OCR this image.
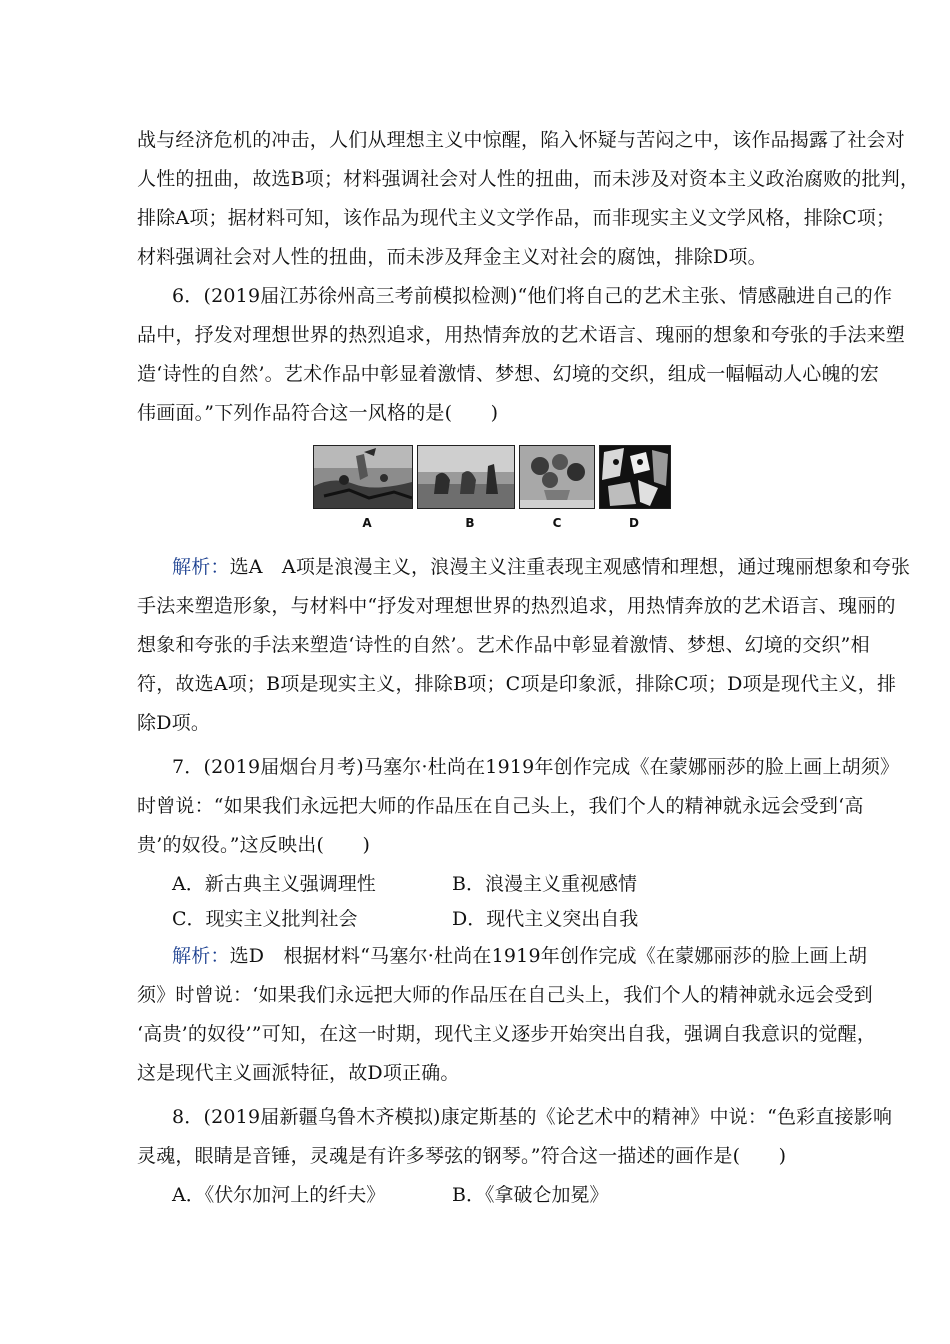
战与经济危机的冲击，人们从理想主义中惊醒，陷入怀疑与苦闷之中，该作品揭露了社会对
人性的扭曲，故选B项；材料强调社会对人性的扭曲，而未涉及对资本主义政治腐败的批判，
排除A项；据材料可知，该作品为现代主义文学作品，而非现实主义文学风格，排除C项；
材料强调社会对人性的扭曲，而未涉及拜金主义对社会的腐蚀，排除D项。
6．(2019届江苏徐州高三考前模拟检测)“他们将自己的艺术主张、情感融进自己的作
品中，抒发对理想世界的热烈追求，用热情奔放的艺术语言、瑰丽的想象和夸张的手法来塑
造‘诗性的自然’。艺术作品中彰显着激情、梦想、幻境的交织，组成一幅幅动人心魄的宏
伟画面。”下列作品符合这一风格的是(　　)
A	B	C	D
解析：选A　A项是浪漫主义，浪漫主义注重表现主观感情和理想，通过瑰丽想象和夸张
手法来塑造形象，与材料中“抒发对理想世界的热烈追求，用热情奔放的艺术语言、瑰丽的
想象和夸张的手法来塑造‘诗性的自然’。艺术作品中彰显着激情、梦想、幻境的交织”相
符，故选A项；B项是现实主义，排除B项；C项是印象派，排除C项；D项是现代主义，排
除D项。
7．(2019届烟台月考)马塞尔·杜尚在1919年创作完成《在蒙娜丽莎的脸上画上胡须》
时曾说：“如果我们永远把大师的作品压在自己头上，我们个人的精神就永远会受到‘高
贵’的奴役。”这反映出(　　)
A．新古典主义强调理性	B．浪漫主义重视感情
C．现实主义批判社会	D．现代主义突出自我
解析：选D　根据材料“马塞尔·杜尚在1919年创作完成《在蒙娜丽莎的脸上画上胡
须》时曾说：‘如果我们永远把大师的作品压在自己头上，我们个人的精神就永远会受到
‘高贵’的奴役’”可知，在这一时期，现代主义逐步开始突出自我，强调自我意识的觉醒，
这是现代主义画派特征，故D项正确。
8．(2019届新疆乌鲁木齐模拟)康定斯基的《论艺术中的精神》中说：“色彩直接影响
灵魂，眼睛是音锤，灵魂是有许多琴弦的钢琴。”符合这一描述的画作是(　　)
A．《伏尔加河上的纤夫》	B．《拿破仑加冕》
